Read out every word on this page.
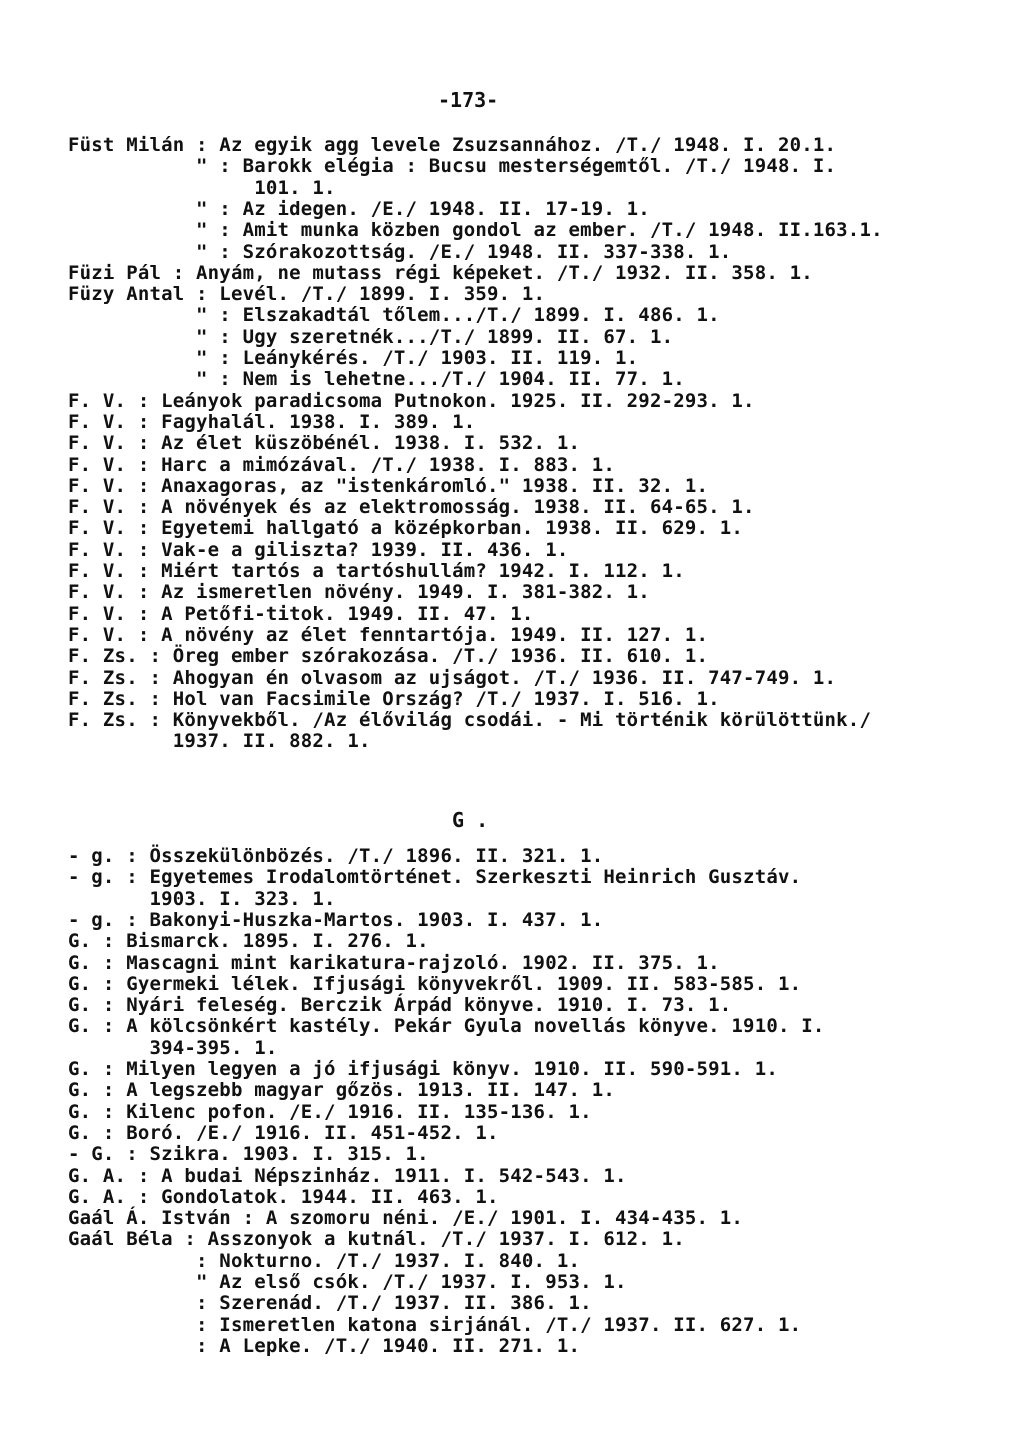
-173-
Füst Milán : Az egyik agg levele Zsuzsannához. /T./ 1948. I. 20.1.
" : Barokk elégia : Bucsu mesterségemtől. /T./ 1948. I.
101. 1.
" : Az idegen. /E./ 1948. II. 17-19. 1.
" : Amit munka közben gondol az ember. /T./ 1948. II.163.1.
" : Szórakozottság. /E./ 1948. II. 337-338. 1.
Füzi Pál : Anyám, ne mutass régi képeket. /T./ 1932. II. 358. 1.
Füzy Antal : Levél. /T./ 1899. I. 359. 1.
" : Elszakadtál tőlem.../T./ 1899. I. 486. 1.
" : Ugy szeretnék.../T./ 1899. II. 67. 1.
" : Leánykérés. /T./ 1903. II. 119. 1.
" : Nem is lehetne.../T./ 1904. II. 77. 1.
F. V. : Leányok paradicsoma Putnokon. 1925. II. 292-293. 1.
F. V. : Fagyhalál. 1938. I. 389. 1.
F. V. : Az élet küszöbénél. 1938. I. 532. 1.
F. V. : Harc a mimózával. /T./ 1938. I. 883. 1.
F. V. : Anaxagoras, az "istenkáromló." 1938. II. 32. 1.
F. V. : A növények és az elektromosság. 1938. II. 64-65. 1.
F. V. : Egyetemi hallgató a középkorban. 1938. II. 629. 1.
F. V. : Vak-e a giliszta? 1939. II. 436. 1.
F. V. : Miért tartós a tartóshullám? 1942. I. 112. 1.
F. V. : Az ismeretlen növény. 1949. I. 381-382. 1.
F. V. : A Petőfi-titok. 1949. II. 47. 1.
F. V. : A növény az élet fenntartója. 1949. II. 127. 1.
F. Zs. : Öreg ember szórakozása. /T./ 1936. II. 610. 1.
F. Zs. : Ahogyan én olvasom az ujságot. /T./ 1936. II. 747-749. 1.
F. Zs. : Hol van Facsimile Ország? /T./ 1937. I. 516. 1.
F. Zs. : Könyvekből. /Az élővilág csodái. - Mi történik körülöttünk./
1937. II. 882. 1.
G .
- g. : Összekülönbözés. /T./ 1896. II. 321. 1.
- g. : Egyetemes Irodalomtörténet. Szerkeszti Heinrich Gusztáv.
1903. I. 323. 1.
- g. : Bakonyi-Huszka-Martos. 1903. I. 437. 1.
G. : Bismarck. 1895. I. 276. 1.
G. : Mascagni mint karikatura-rajzoló. 1902. II. 375. 1.
G. : Gyermeki lélek. Ifjusági könyvekről. 1909. II. 583-585. 1.
G. : Nyári feleség. Berczik Árpád könyve. 1910. I. 73. 1.
G. : A kölcsönkért kastély. Pekár Gyula novellás könyve. 1910. I.
394-395. 1.
G. : Milyen legyen a jó ifjusági könyv. 1910. II. 590-591. 1.
G. : A legszebb magyar gőzös. 1913. II. 147. 1.
G. : Kilenc pofon. /E./ 1916. II. 135-136. 1.
G. : Boró. /E./ 1916. II. 451-452. 1.
- G. : Szikra. 1903. I. 315. 1.
G. A. : A budai Népszinház. 1911. I. 542-543. 1.
G. A. : Gondolatok. 1944. II. 463. 1.
Gaál Á. István : A szomoru néni. /E./ 1901. I. 434-435. 1.
Gaál Béla : Asszonyok a kutnál. /T./ 1937. I. 612. 1.
: Nokturno. /T./ 1937. I. 840. 1.
" Az első csók. /T./ 1937. I. 953. 1.
: Szerenád. /T./ 1937. II. 386. 1.
: Ismeretlen katona sirjánál. /T./ 1937. II. 627. 1.
: A Lepke. /T./ 1940. II. 271. 1.
